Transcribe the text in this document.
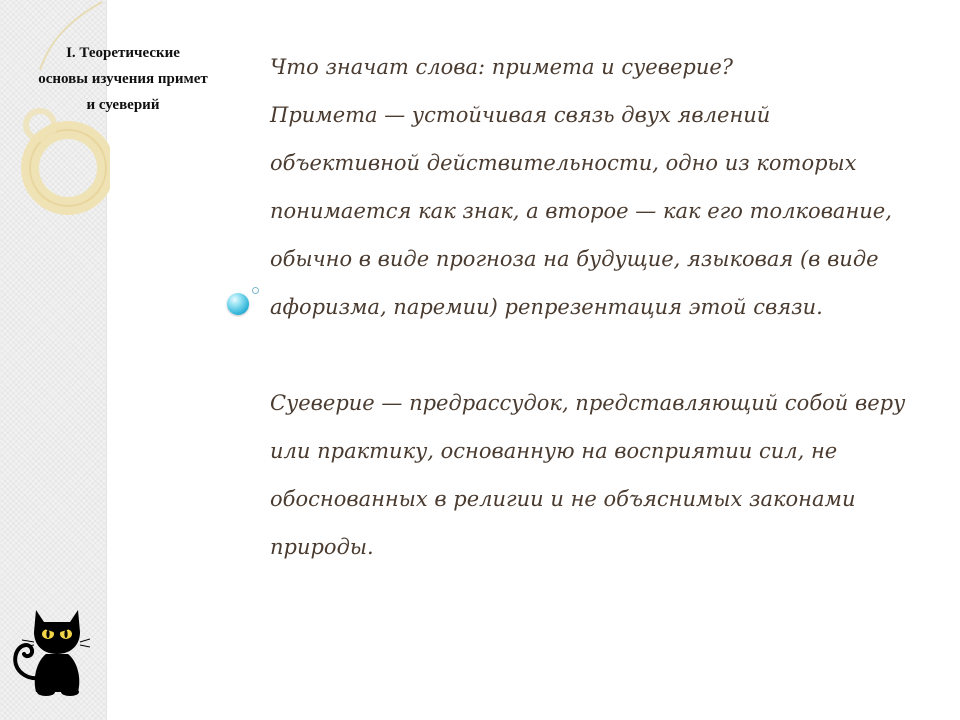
I. Теоретические
основы изучения примет
и суеверий
Что значат слова: примета и суеверие?
Примета — устойчивая связь двух явлений
объективной действительности, одно из которых
понимается как знак, а второе — как его толкование,
обычно в виде прогноза на будущие, языковая (в виде
афоризма, паремии) репрезентация этой связи.
Суеверие — предрассудок, представляющий собой веру
или практику, основанную на восприятии сил, не
обоснованных в религии и не объяснимых законами
природы.
